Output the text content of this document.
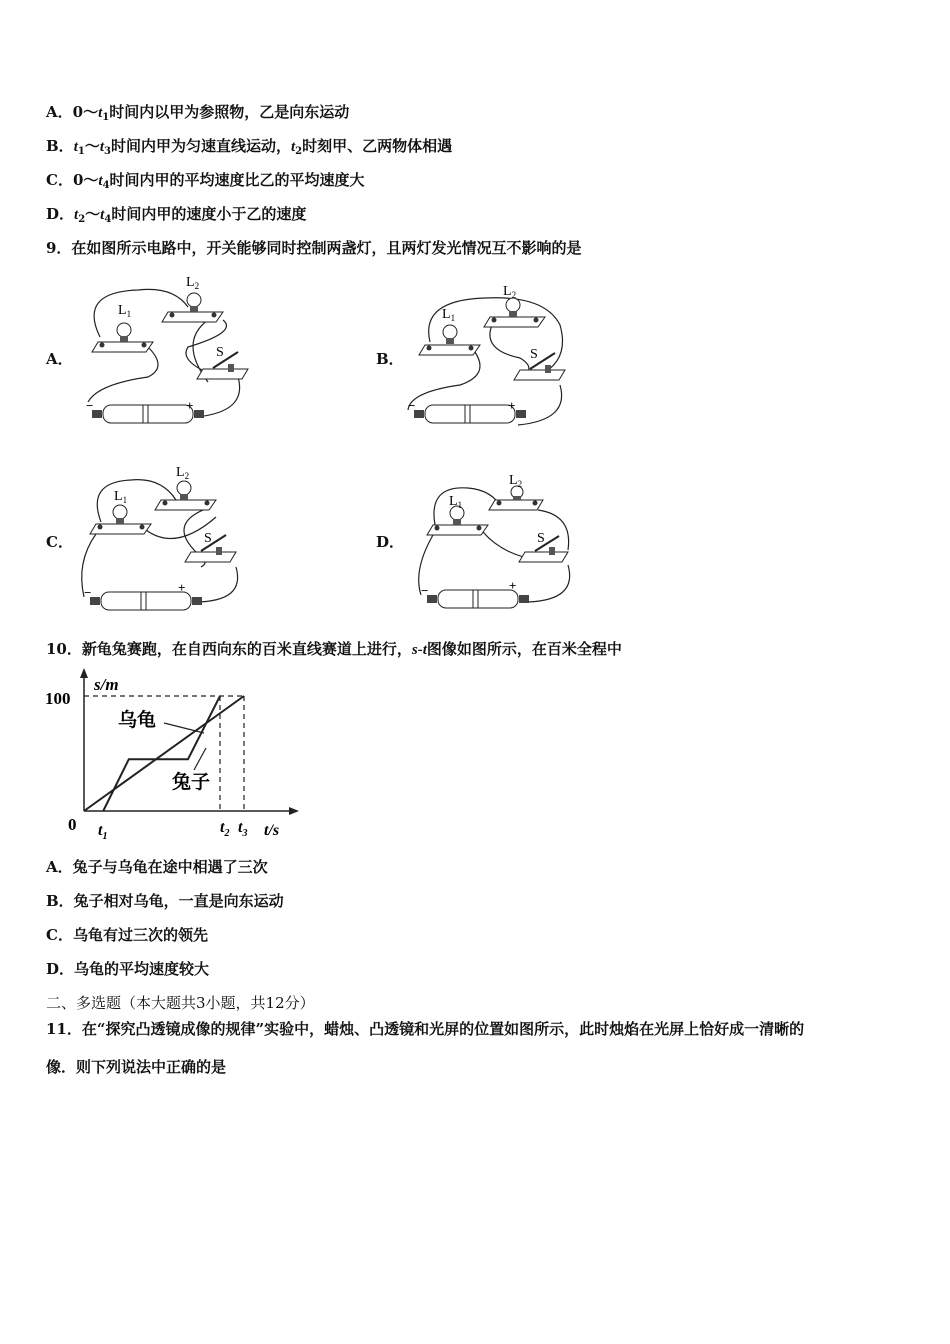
A．$0\sim t_1$时间内以甲为参照物，乙是向东运动
B．$t_1\sim t_3$时间内甲为匀速直线运动，$t_2$时刻甲、乙两物体相遇
C．$0\sim t_4$时间内甲的平均速度比乙的平均速度大
D．$t_2\sim t_4$时间内甲的速度小于乙的速度
9．在如图所示电路中，开关能够同时控制两盏灯，且两灯发光情况互不影响的是
A．	B．
C．	D．
$L_1$
$L_2$
S
−	+
$L_1$
$L_2$
S
−	+
$L_1$
$L_2$
S
−	+
$L_1$
$L_2$
S
−	+
10．新龟兔赛跑，在自西向东的百米直线赛道上进行，s-t图像如图所示，在百米全程中
s/m
t/s
100
0 $t_1$
$t_2$ $t_3$
乌龟
兔子
A．兔子与乌龟在途中相遇了三次
B．兔子相对乌龟，一直是向东运动
C．乌龟有过三次的领先
D．乌龟的平均速度较大
二、多选题（本大题共3小题，共12分）
11．在“探究凸透镜成像的规律”实验中，蜡烛、凸透镜和光屏的位置如图所示，此时烛焰在光屏上恰好成一清晰的
像．则下列说法中正确的是
